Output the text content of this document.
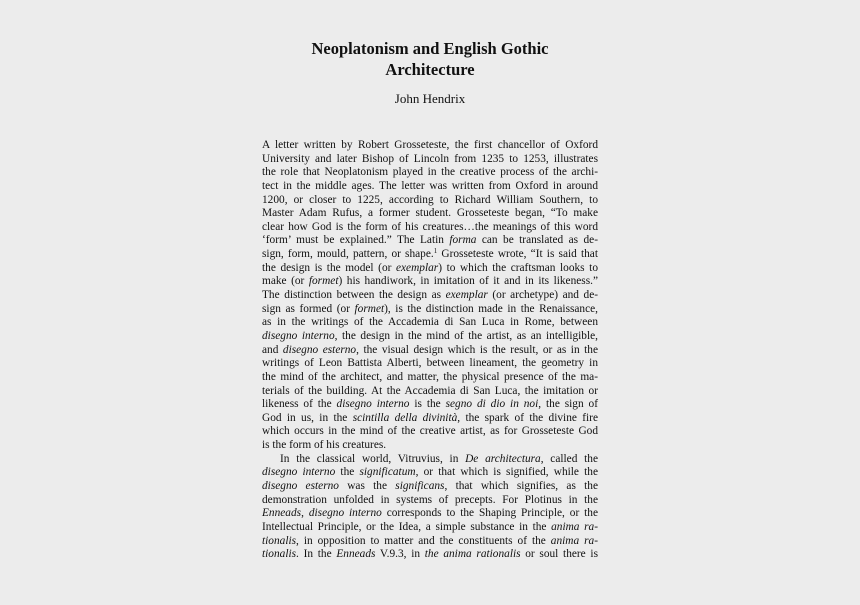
Neoplatonism and English Gothic
Architecture
John Hendrix
A letter written by Robert Grosseteste, the first chancellor of Oxford
University and later Bishop of Lincoln from 1235 to 1253, illustrates
the role that Neoplatonism played in the creative process of the archi-
tect in the middle ages. The letter was written from Oxford in around
1200, or closer to 1225, according to Richard William Southern, to
Master Adam Rufus, a former student. Grosseteste began, “To make
clear how God is the form of his creatures…the meanings of this word
‘form’ must be explained.” The Latin forma can be translated as de-
sign, form, mould, pattern, or shape.$^1$ Grosseteste wrote, “It is said that
the design is the model (or exemplar) to which the craftsman looks to
make (or formet) his handiwork, in imitation of it and in its likeness.”
The distinction between the design as exemplar (or archetype) and de-
sign as formed (or formet), is the distinction made in the Renaissance,
as in the writings of the Accademia di San Luca in Rome, between
disegno interno, the design in the mind of the artist, as an intelligible,
and disegno esterno, the visual design which is the result, or as in the
writings of Leon Battista Alberti, between lineament, the geometry in
the mind of the architect, and matter, the physical presence of the ma-
terials of the building. At the Accademia di San Luca, the imitation or
likeness of the disegno interno is the segno di dio in noi, the sign of
God in us, in the scintilla della divinità, the spark of the divine fire
which occurs in the mind of the creative artist, as for Grosseteste God
is the form of his creatures.
In the classical world, Vitruvius, in De architectura, called the
disegno interno the significatum, or that which is signified, while the
disegno esterno was the significans, that which signifies, as the
demonstration unfolded in systems of precepts. For Plotinus in the
Enneads, disegno interno corresponds to the Shaping Principle, or the
Intellectual Principle, or the Idea, a simple substance in the anima ra-
tionalis, in opposition to matter and the constituents of the anima ra-
tionalis. In the Enneads V.9.3, in the anima rationalis or soul there is
